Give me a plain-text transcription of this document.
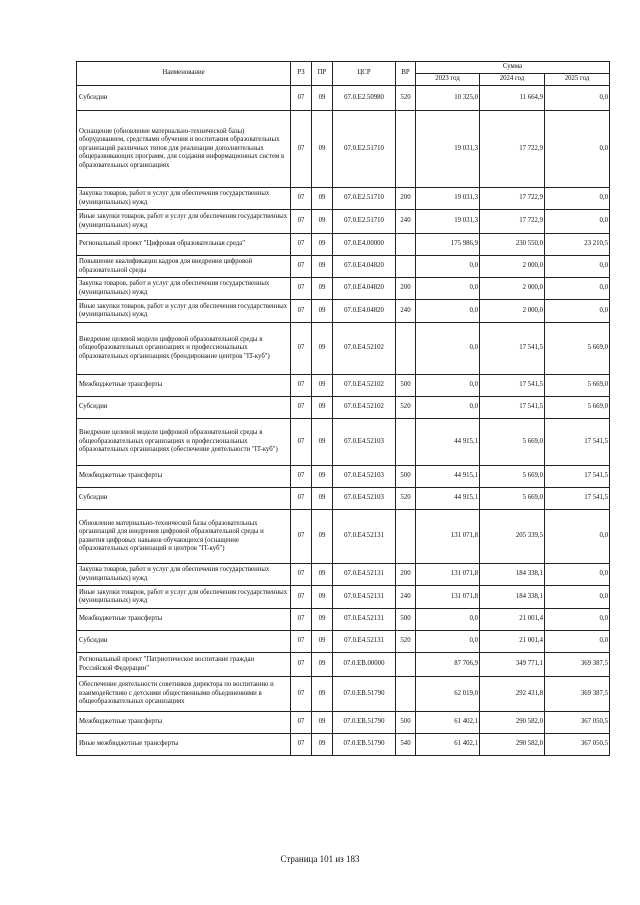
Наименование	РЗ	ПР	ЦСР	ВР	Сумма		
					2023 год	2024 год	2025 год
Субсидии	07	09	07.0.E2.50980	520	10 325,0	11 664,9	0,0
Оснащение (обновление материально-технической базы) оборудованием, средствами обучения и воспитания образовательных организаций различных типов для реализации дополнительных общеразвивающих программ, для создания информационных систем в образовательных организациях	07	09	07.0.E2.51710		19 031,3	17 722,9	0,0
Закупка товаров, работ и услуг для обеспечения государственных (муниципальных) нужд	07	09	07.0.E2.51710	200	19 031,3	17 722,9	0,0
Иные закупки товаров, работ и услуг для обеспечения государственных (муниципальных) нужд	07	09	07.0.E2.51710	240	19 031,3	17 722,9	0,0
Региональный проект "Цифровая образовательная среда"	07	09	07.0.E4.00000		175 986,9	230 550,0	23 210,5
Повышение квалификации кадров для внедрения цифровой образовательной среды	07	09	07.0.E4.04820		0,0	2 000,0	0,0
Закупка товаров, работ и услуг для обеспечения государственных (муниципальных) нужд	07	09	07.0.E4.04820	200	0,0	2 000,0	0,0
Иные закупки товаров, работ и услуг для обеспечения государственных (муниципальных) нужд	07	09	07.0.E4.04820	240	0,0	2 000,0	0,0
Внедрение целевой модели цифровой образовательной среды в общеобразовательных организациях и профессиональных образовательных организациях (брендирование центров "IT-куб")	07	09	07.0.E4.52102		0,0	17 541,5	5 669,0
Межбюджетные трансферты	07	09	07.0.E4.52102	500	0,0	17 541,5	5 669,0
Субсидии	07	09	07.0.E4.52102	520	0,0	17 541,5	5 669,0
Внедрение целевой модели цифровой образовательной среды в общеобразовательных организациях и профессиональных образовательных организациях (обеспечение деятельности "IT-куб")	07	09	07.0.E4.52103		44 915,1	5 669,0	17 541,5
Межбюджетные трансферты	07	09	07.0.E4.52103	500	44 915,1	5 669,0	17 541,5
Субсидии	07	09	07.0.E4.52103	520	44 915,1	5 669,0	17 541,5
Обновление материально-технической базы образовательных организаций для внедрения цифровой образовательной среды и развития цифровых навыков обучающихся (оснащение образовательных организаций и центров "IT-куб")	07	09	07.0.E4.52131		131 071,8	205 339,5	0,0
Закупка товаров, работ и услуг для обеспечения государственных (муниципальных) нужд	07	09	07.0.E4.52131	200	131 071,8	184 338,1	0,0
Иные закупки товаров, работ и услуг для обеспечения государственных (муниципальных) нужд	07	09	07.0.E4.52131	240	131 071,8	184 338,1	0,0
Межбюджетные трансферты	07	09	07.0.E4.52131	500	0,0	21 001,4	0,0
Субсидии	07	09	07.0.E4.52131	520	0,0	21 001,4	0,0
Региональный проект "Патриотическое воспитание граждан Российской Федерации"	07	09	07.0.EB.00000		87 706,9	349 771,1	369 387,5
Обеспечение деятельности советников директора по воспитанию и взаимодействию с детскими общественными объединениями в общеобразовательных организациях	07	09	07.0.EB.51790		62 019,0	292 431,8	369 387,5
Межбюджетные трансферты	07	09	07.0.EB.51790	500	61 402,1	290 582,0	367 050,5
Иные межбюджетные трансферты	07	09	07.0.EB.51790	540	61 402,1	290 582,0	367 050,5
Страница 101 из 183
